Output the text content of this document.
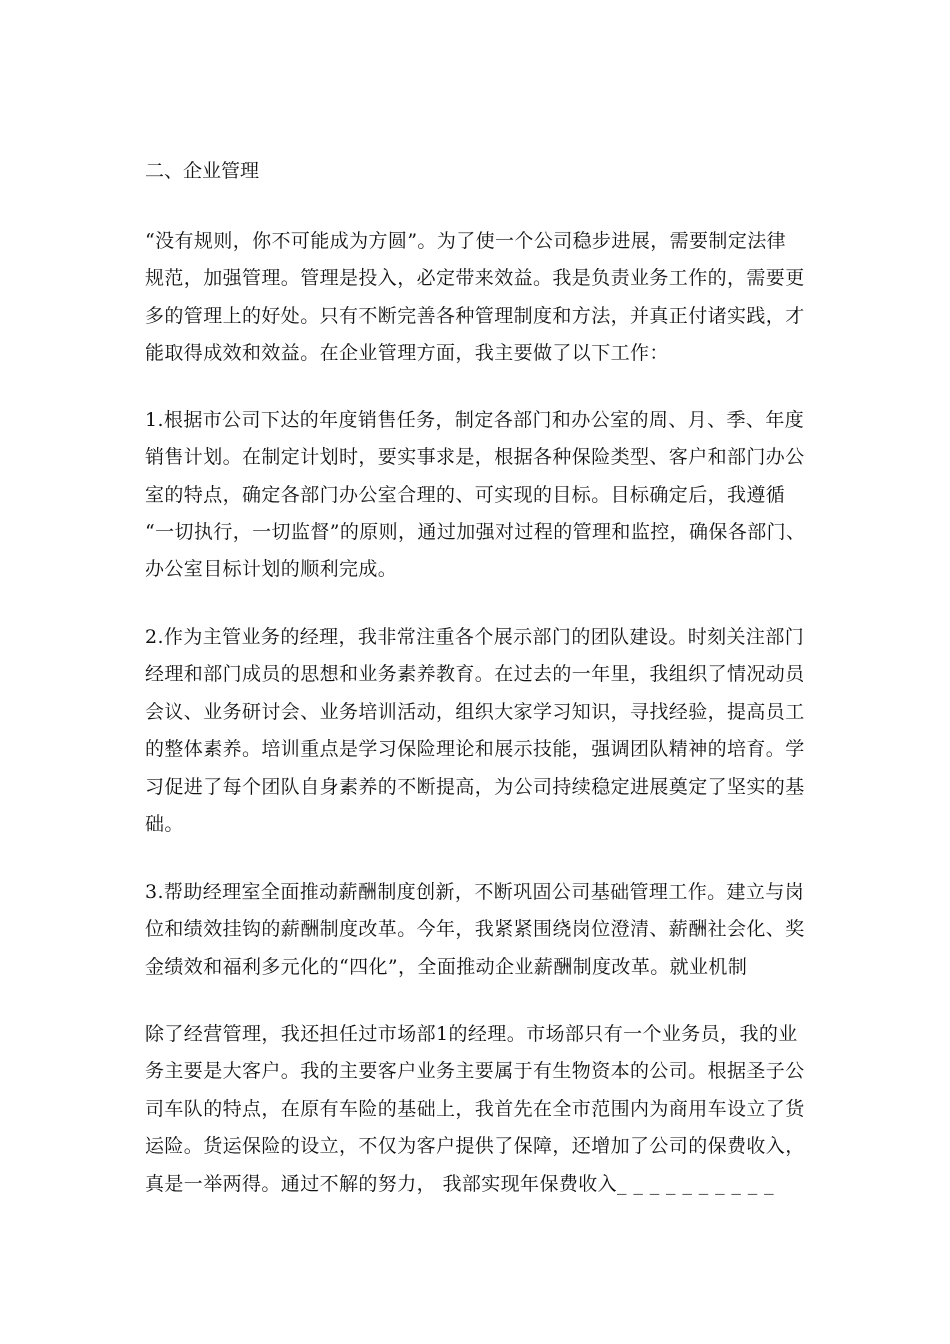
二、企业管理
“没有规则，你不可能成为方圆”。为了使一个公司稳步进展，需要制定法律
规范，加强管理。管理是投入，必定带来效益。我是负责业务工作的，需要更
多的管理上的好处。只有不断完善各种管理制度和方法，并真正付诸实践，才
能取得成效和效益。在企业管理方面，我主要做了以下工作：
1.根据市公司下达的年度销售任务，制定各部门和办公室的周、月、季、年度
销售计划。在制定计划时，要实事求是，根据各种保险类型、客户和部门办公
室的特点，确定各部门办公室合理的、可实现的目标。目标确定后，我遵循
“一切执行，一切监督”的原则，通过加强对过程的管理和监控，确保各部门、
办公室目标计划的顺利完成。
2.作为主管业务的经理，我非常注重各个展示部门的团队建设。时刻关注部门
经理和部门成员的思想和业务素养教育。在过去的一年里，我组织了情况动员
会议、业务研讨会、业务培训活动，组织大家学习知识，寻找经验，提高员工
的整体素养。培训重点是学习保险理论和展示技能，强调团队精神的培育。学
习促进了每个团队自身素养的不断提高，为公司持续稳定进展奠定了坚实的基
础。
3.帮助经理室全面推动薪酬制度创新，不断巩固公司基础管理工作。建立与岗
位和绩效挂钩的薪酬制度改革。今年，我紧紧围绕岗位澄清、薪酬社会化、奖
金绩效和福利多元化的“四化”，全面推动企业薪酬制度改革。就业机制
除了经营管理，我还担任过市场部1的经理。市场部只有一个业务员，我的业
务主要是大客户。我的主要客户业务主要属于有生物资本的公司。根据圣子公
司车队的特点，在原有车险的基础上，我首先在全市范围内为商用车设立了货
运险。货运保险的设立，不仅为客户提供了保障，还增加了公司的保费收入，
真是一举两得。通过不解的努力， 我部实现年保费收入_ _ _ _ _ _ _ _ _ _
